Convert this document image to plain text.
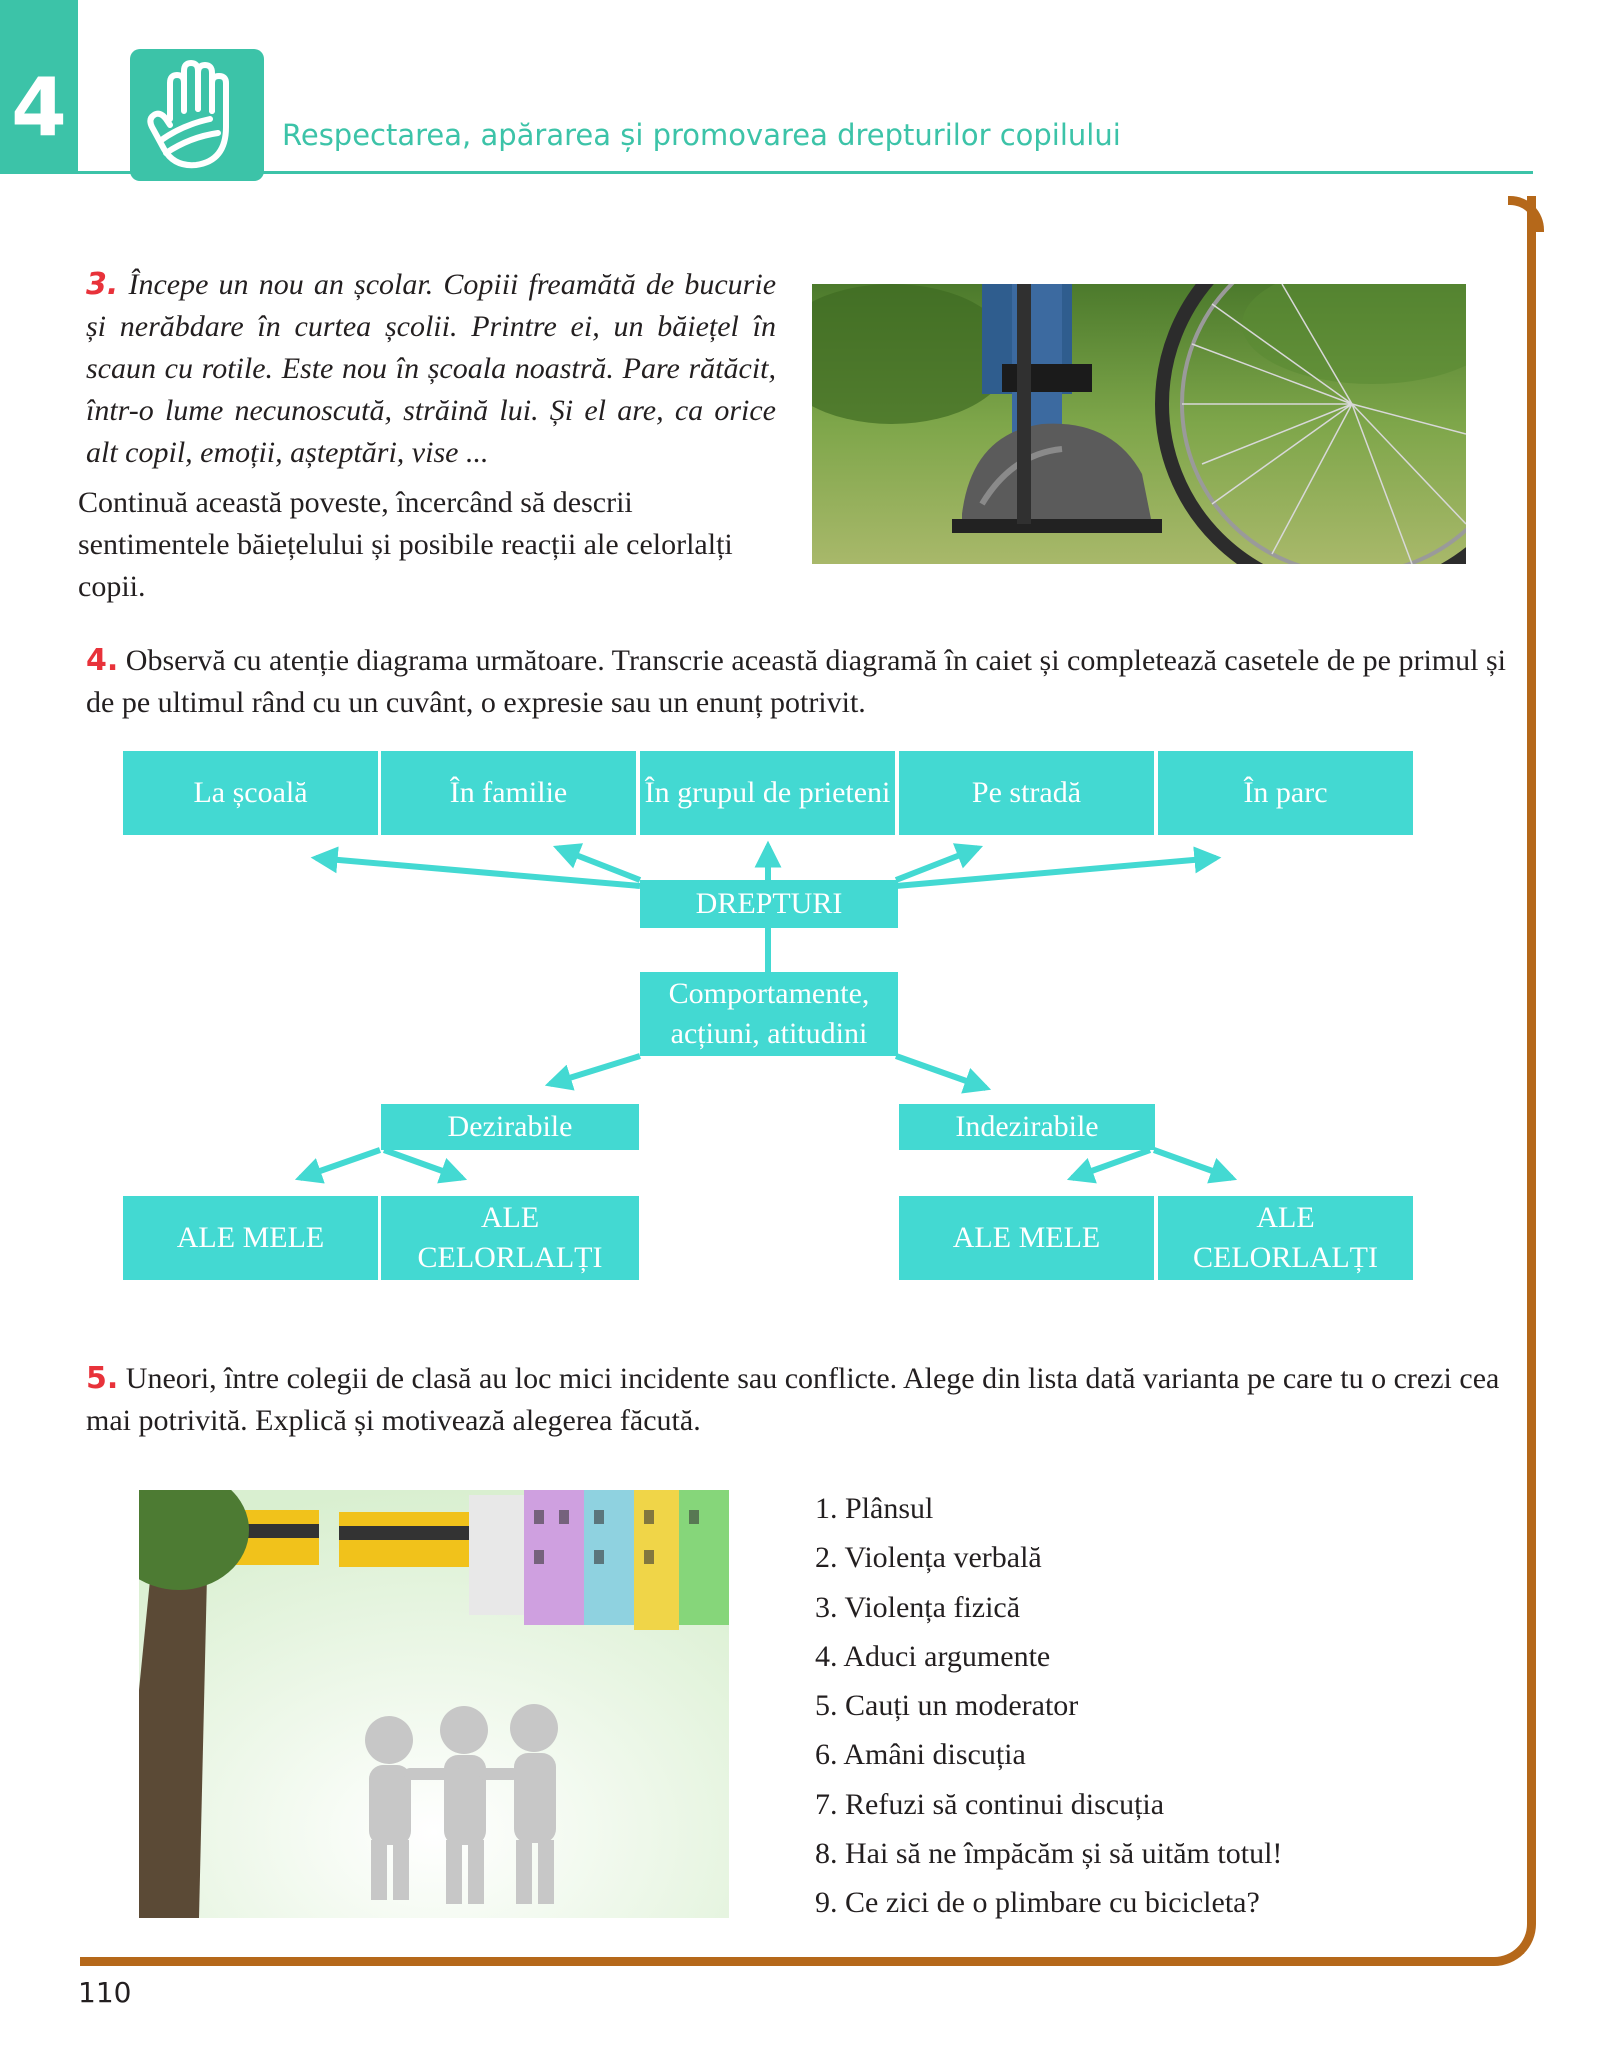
4	Respectarea, apărarea și promovarea drepturilor copilului
3. Începe un nou an școlar. Copiii freamătă de bucurie și nerăbdare în curtea școlii. Printre ei, un băiețel în scaun cu rotile. Este nou în școala noastră. Pare rătăcit, într-o lume necunoscută, străină lui. Și el are, ca orice alt copil, emoții, așteptări, vise ...
Continuă această poveste, încercând să descrii sentimentele băiețelului și posibile reacții ale celorlalți copii.
4. Observă cu atenție diagrama următoare. Transcrie această diagramă în caiet și completează casetele de pe primul și de pe ultimul rând cu un cuvânt, o expresie sau un enunț potrivit.
La școală	În familie	În grupul de prieteni	Pe stradă	În parc
DREPTURI
Comportamente, acțiuni, atitudini
Dezirabile	Indezirabile
ALE MELE
ALE CELORLALȚI
ALE MELE
ALE CELORLALȚI
5. Uneori, între colegii de clasă au loc mici incidente sau conflicte. Alege din lista dată varianta pe care tu o crezi cea mai potrivită. Explică și motivează alegerea făcută.
1. Plânsul
2. Violența verbală
3. Violența fizică
4. Aduci argumente
5. Cauți un moderator
6. Amâni discuția
7. Refuzi să continui discuția
8. Hai să ne împăcăm și să uităm totul!
9. Ce zici de o plimbare cu bicicleta?
110
